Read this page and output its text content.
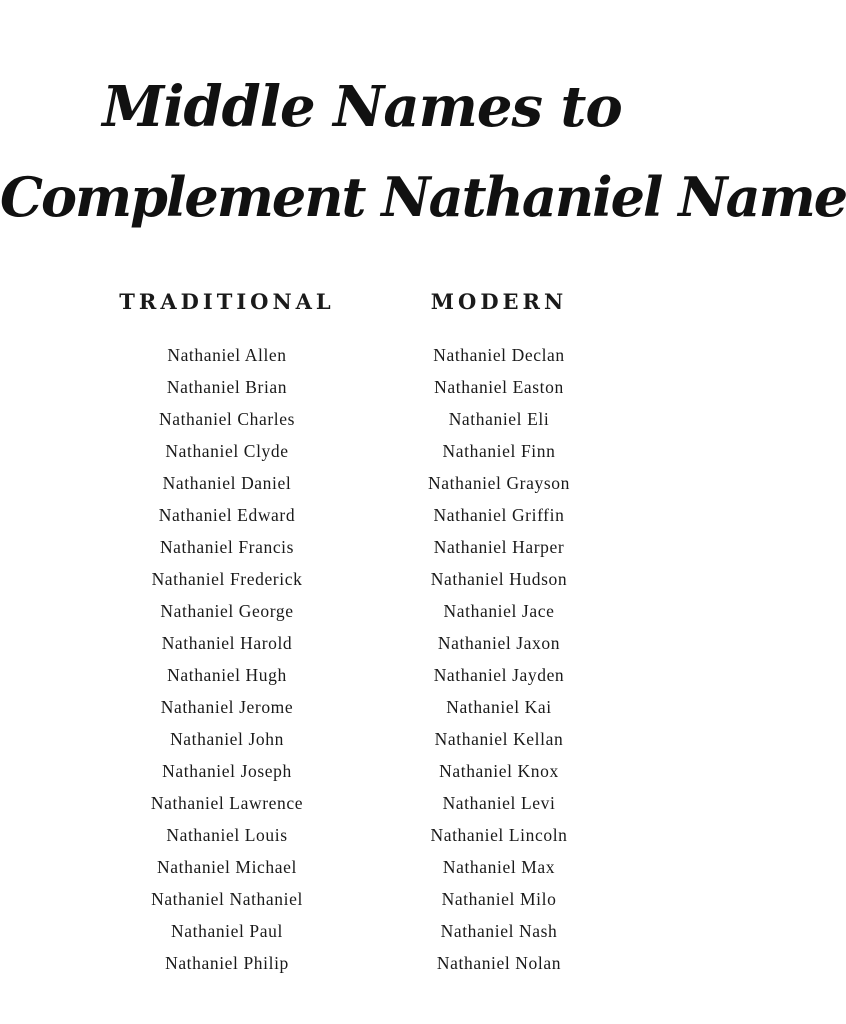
Middle Names to
Complement Nathaniel Name
TRADITIONAL
Nathaniel Allen
Nathaniel Brian
Nathaniel Charles
Nathaniel Clyde
Nathaniel Daniel
Nathaniel Edward
Nathaniel Francis
Nathaniel Frederick
Nathaniel George
Nathaniel Harold
Nathaniel Hugh
Nathaniel Jerome
Nathaniel John
Nathaniel Joseph
Nathaniel Lawrence
Nathaniel Louis
Nathaniel Michael
Nathaniel Nathaniel
Nathaniel Paul
Nathaniel Philip
MODERN
Nathaniel Declan
Nathaniel Easton
Nathaniel Eli
Nathaniel Finn
Nathaniel Grayson
Nathaniel Griffin
Nathaniel Harper
Nathaniel Hudson
Nathaniel Jace
Nathaniel Jaxon
Nathaniel Jayden
Nathaniel Kai
Nathaniel Kellan
Nathaniel Knox
Nathaniel Levi
Nathaniel Lincoln
Nathaniel Max
Nathaniel Milo
Nathaniel Nash
Nathaniel Nolan
